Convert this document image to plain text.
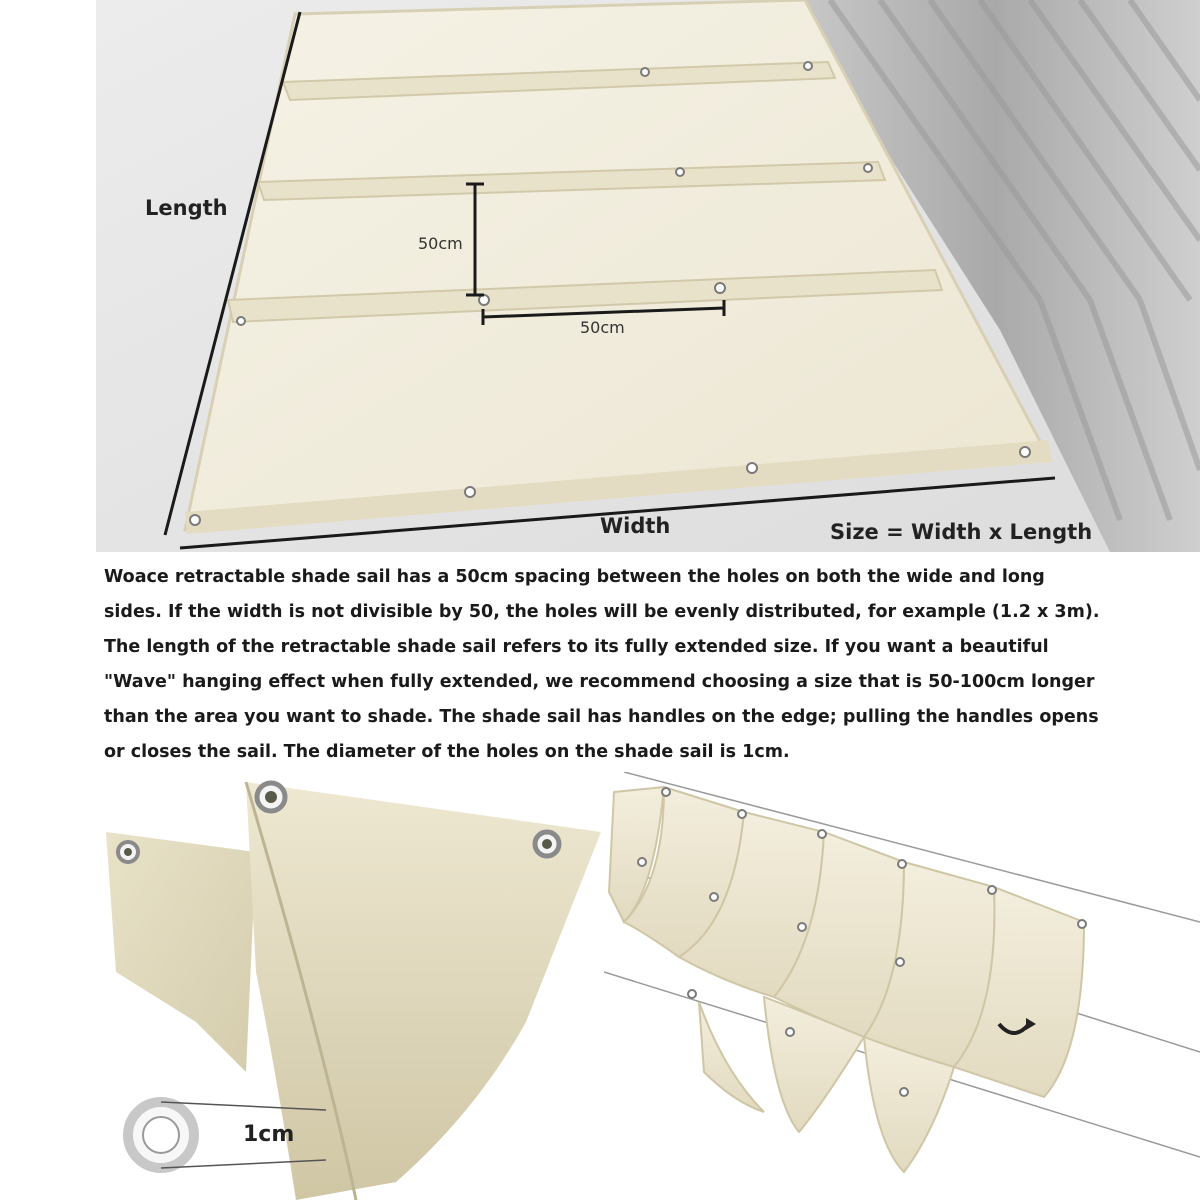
Length
50cm
50cm
Width	Size = Width x Length

Woace retractable shade sail has a 50cm spacing between the holes on both the wide and long sides. If the width is not divisible by 50, the holes will be evenly distributed, for example (1.2 x 3m). The length of the retractable shade sail refers to its fully extended size. If you want a beautiful "Wave" hanging effect when fully extended, we recommend choosing a size that is 50-100cm longer than the area you want to shade. The shade sail has handles on the edge; pulling the handles opens or closes the sail. The diameter of the holes on the shade sail is 1cm.

1cm
